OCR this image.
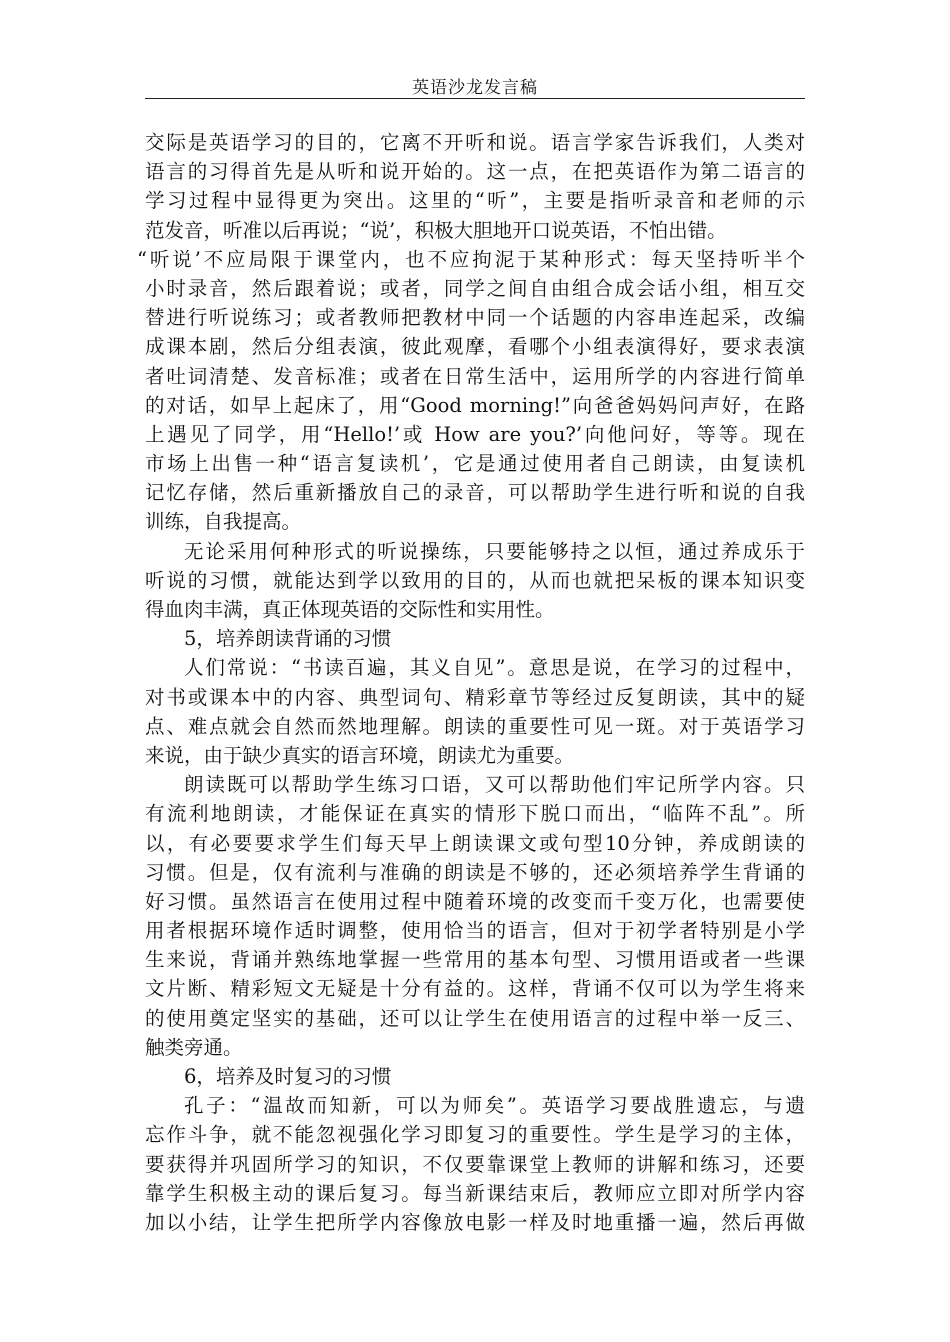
英语沙龙发言稿
交际是英语学习的目的，它离不开听和说。语言学家告诉我们，人类对
语言的习得首先是从听和说开始的。这一点，在把英语作为第二语言的
学习过程中显得更为突出。这里的“听”，主要是指听录音和老师的示
范发音，听准以后再说；“说’，积极大胆地开口说英语，不怕出错。
“听说’不应局限于课堂内，也不应拘泥于某种形式：每天坚持听半个
小时录音，然后跟着说；或者，同学之间自由组合成会话小组，相互交
替进行听说练习；或者教师把教材中同一个话题的内容串连起采，改编
成课本剧，然后分组表演，彼此观摩，看哪个小组表演得好，要求表演
者吐词清楚、发音标准；或者在日常生活中，运用所学的内容进行简单
的对话，如早上起床了，用“Good morning!”向爸爸妈妈问声好，在路
上遇见了同学，用“Hello!’或 How are you?’向他问好，等等。现在
市场上出售一种“语言复读机’，它是通过使用者自己朗读，由复读机
记忆存储，然后重新播放自己的录音，可以帮助学生进行听和说的自我
训练，自我提高。
无论采用何种形式的听说操练，只要能够持之以恒，通过养成乐于
听说的习惯，就能达到学以致用的目的，从而也就把呆板的课本知识变
得血肉丰满，真正体现英语的交际性和实用性。
5，培养朗读背诵的习惯
人们常说：“书读百遍，其义自见”。意思是说，在学习的过程中，
对书或课本中的内容、典型词句、精彩章节等经过反复朗读，其中的疑
点、难点就会自然而然地理解。朗读的重要性可见一斑。对于英语学习
来说，由于缺少真实的语言环境，朗读尤为重要。
朗读既可以帮助学生练习口语，又可以帮助他们牢记所学内容。只
有流利地朗读，才能保证在真实的情形下脱口而出，“临阵不乱”。所
以，有必要要求学生们每天早上朗读课文或句型10分钟，养成朗读的
习惯。但是，仅有流利与准确的朗读是不够的，还必须培养学生背诵的
好习惯。虽然语言在使用过程中随着环境的改变而千变万化，也需要使
用者根据环境作适时调整，使用恰当的语言，但对于初学者特别是小学
生来说，背诵并熟练地掌握一些常用的基本句型、习惯用语或者一些课
文片断、精彩短文无疑是十分有益的。这样，背诵不仅可以为学生将来
的使用奠定坚实的基础，还可以让学生在使用语言的过程中举一反三、
触类旁通。
6，培养及时复习的习惯
孔子：“温故而知新，可以为师矣”。英语学习要战胜遗忘，与遗
忘作斗争，就不能忽视强化学习即复习的重要性。学生是学习的主体，
要获得并巩固所学习的知识，不仅要靠课堂上教师的讲解和练习，还要
靠学生积极主动的课后复习。每当新课结束后，教师应立即对所学内容
加以小结，让学生把所学内容像放电影一样及时地重播一遍，然后再做
